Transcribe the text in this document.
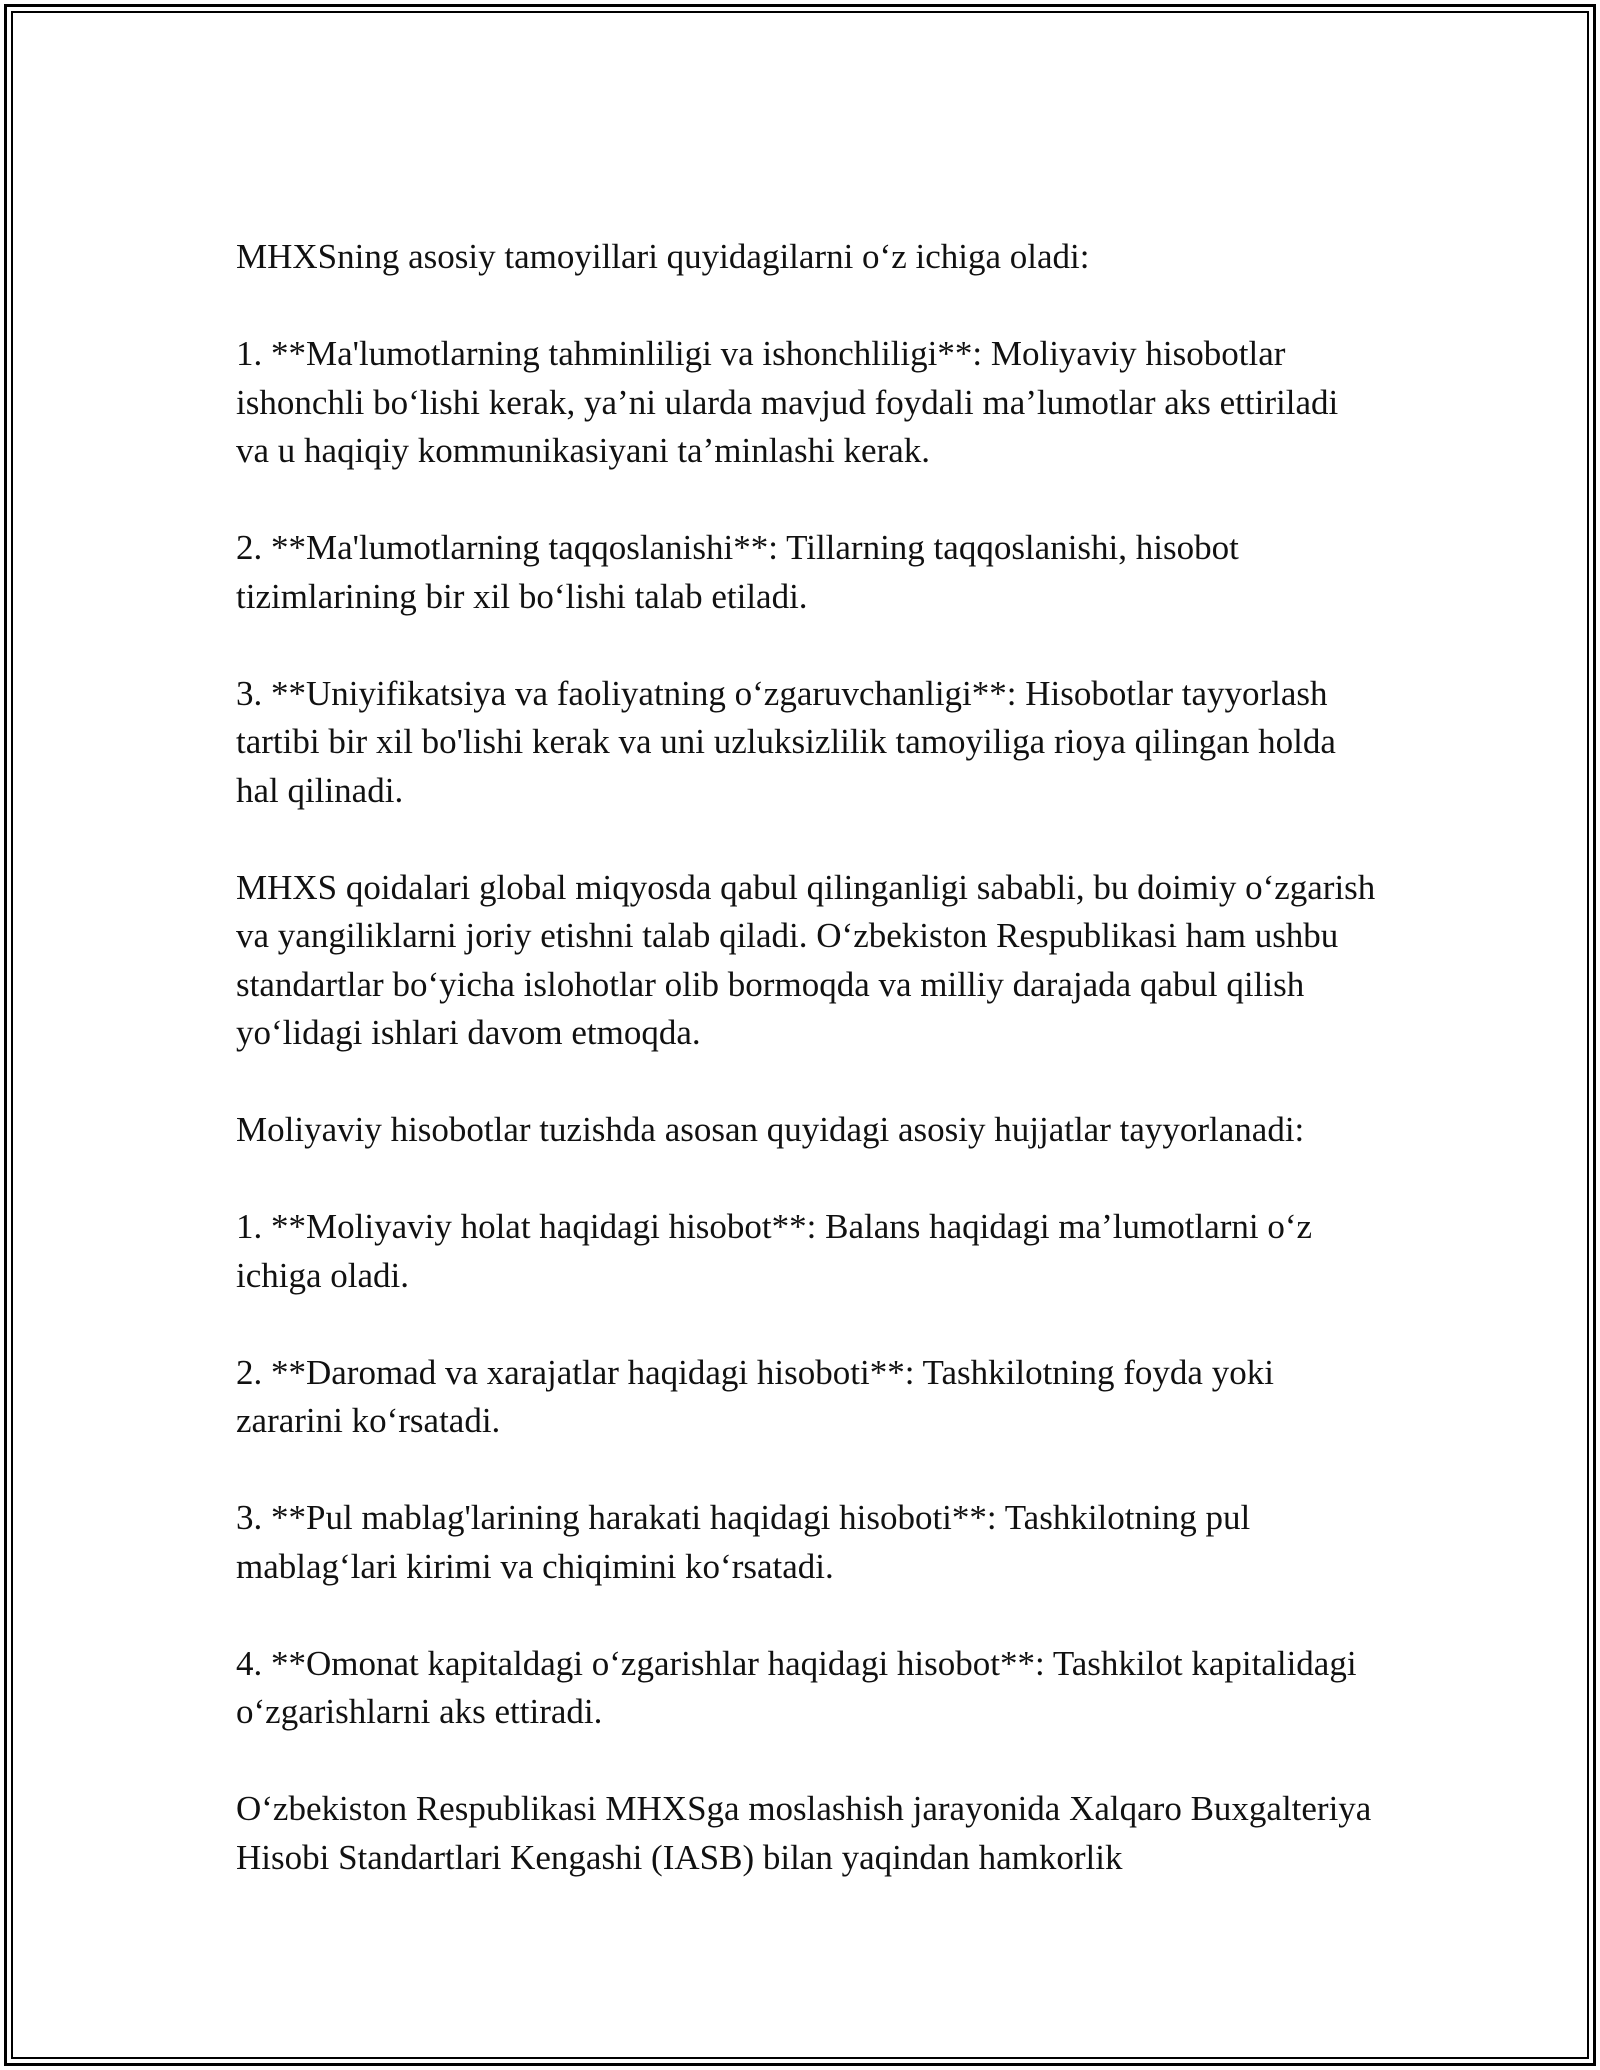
MHXSning asosiy tamoyillari quyidagilarni o‘z ichiga oladi:

1. **Ma'lumotlarning tahminliligi va ishonchliligi**: Moliyaviy hisobotlar ishonchli bo‘lishi kerak, ya’ni ularda mavjud foydali ma’lumotlar aks ettiriladi va u haqiqiy kommunikasiyani ta’minlashi kerak.

2. **Ma'lumotlarning taqqoslanishi**: Tillarning taqqoslanishi, hisobot tizimlarining bir xil bo‘lishi talab etiladi.

3. **Uniyifikatsiya va faoliyatning o‘zgaruvchanligi**: Hisobotlar tayyorlash tartibi bir xil bo'lishi kerak va uni uzluksizlilik tamoyiliga rioya qilingan holda hal qilinadi.

MHXS qoidalari global miqyosda qabul qilinganligi sababli, bu doimiy o‘zgarish va yangiliklarni joriy etishni talab qiladi. O‘zbekiston Respublikasi ham ushbu standartlar bo‘yicha islohotlar olib bormoqda va milliy darajada qabul qilish yo‘lidagi ishlari davom etmoqda.

Moliyaviy hisobotlar tuzishda asosan quyidagi asosiy hujjatlar tayyorlanadi:

1. **Moliyaviy holat haqidagi hisobot**: Balans haqidagi ma’lumotlarni o‘z ichiga oladi.

2. **Daromad va xarajatlar haqidagi hisoboti**: Tashkilotning foyda yoki zararini ko‘rsatadi.

3. **Pul mablag'larining harakati haqidagi hisoboti**: Tashkilotning pul mablag‘lari kirimi va chiqimini ko‘rsatadi.

4. **Omonat kapitaldagi o‘zgarishlar haqidagi hisobot**: Tashkilot kapitalidagi o‘zgarishlarni aks ettiradi.

O‘zbekiston Respublikasi MHXSga moslashish jarayonida Xalqaro Buxgalteriya Hisobi Standartlari Kengashi (IASB) bilan yaqindan hamkorlik
